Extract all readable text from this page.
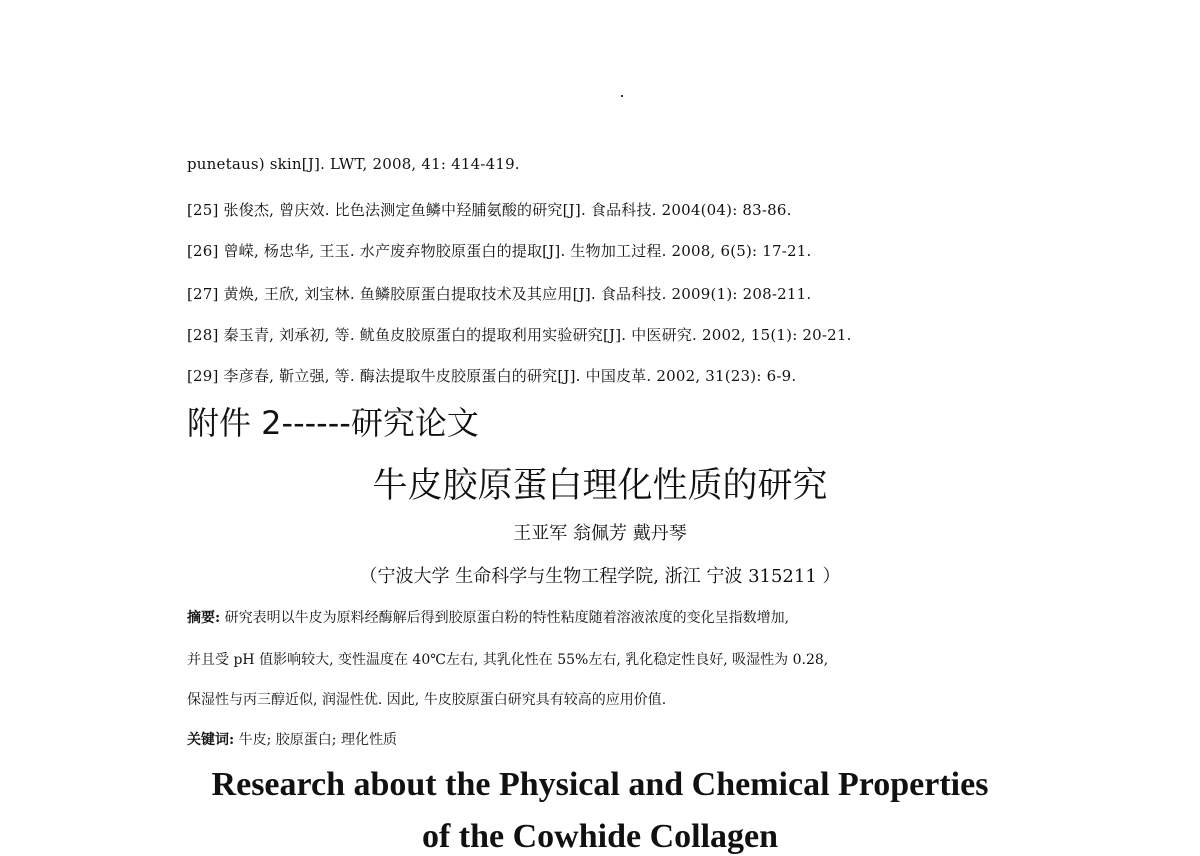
punetaus) skin[J]. LWT, 2008, 41: 414-419.
[25] 张俊杰, 曾庆效. 比色法测定鱼鳞中羟脯氨酸的研究[J]. 食品科技. 2004(04): 83-86.
[26] 曾嵘, 杨忠华, 王玉. 水产废弃物胶原蛋白的提取[J]. 生物加工过程. 2008, 6(5): 17-21.
[27] 黄焕, 王欣, 刘宝林. 鱼鳞胶原蛋白提取技术及其应用[J]. 食品科技. 2009(1): 208-211.
[28] 秦玉青, 刘承初, 等. 鱿鱼皮胶原蛋白的提取利用实验研究[J]. 中医研究. 2002, 15(1): 20-21.
[29] 李彦春, 靳立强, 等. 酶法提取牛皮胶原蛋白的研究[J]. 中国皮革. 2002, 31(23): 6-9.
附件 2------研究论文
牛皮胶原蛋白理化性质的研究
王亚军 翁佩芳 戴丹琴
（宁波大学 生命科学与生物工程学院, 浙江 宁波 315211 ）
摘要: 研究表明以牛皮为原料经酶解后得到胶原蛋白粉的特性粘度随着溶液浓度的变化呈指数增加,
并且受 pH 值影响较大, 变性温度在 40℃左右, 其乳化性在 55%左右, 乳化稳定性良好, 吸湿性为 0.28,
保湿性与丙三醇近似, 润湿性优. 因此, 牛皮胶原蛋白研究具有较高的应用价值.
关键词: 牛皮; 胶原蛋白; 理化性质
Research about the Physical and Chemical Properties
of the Cowhide Collagen
